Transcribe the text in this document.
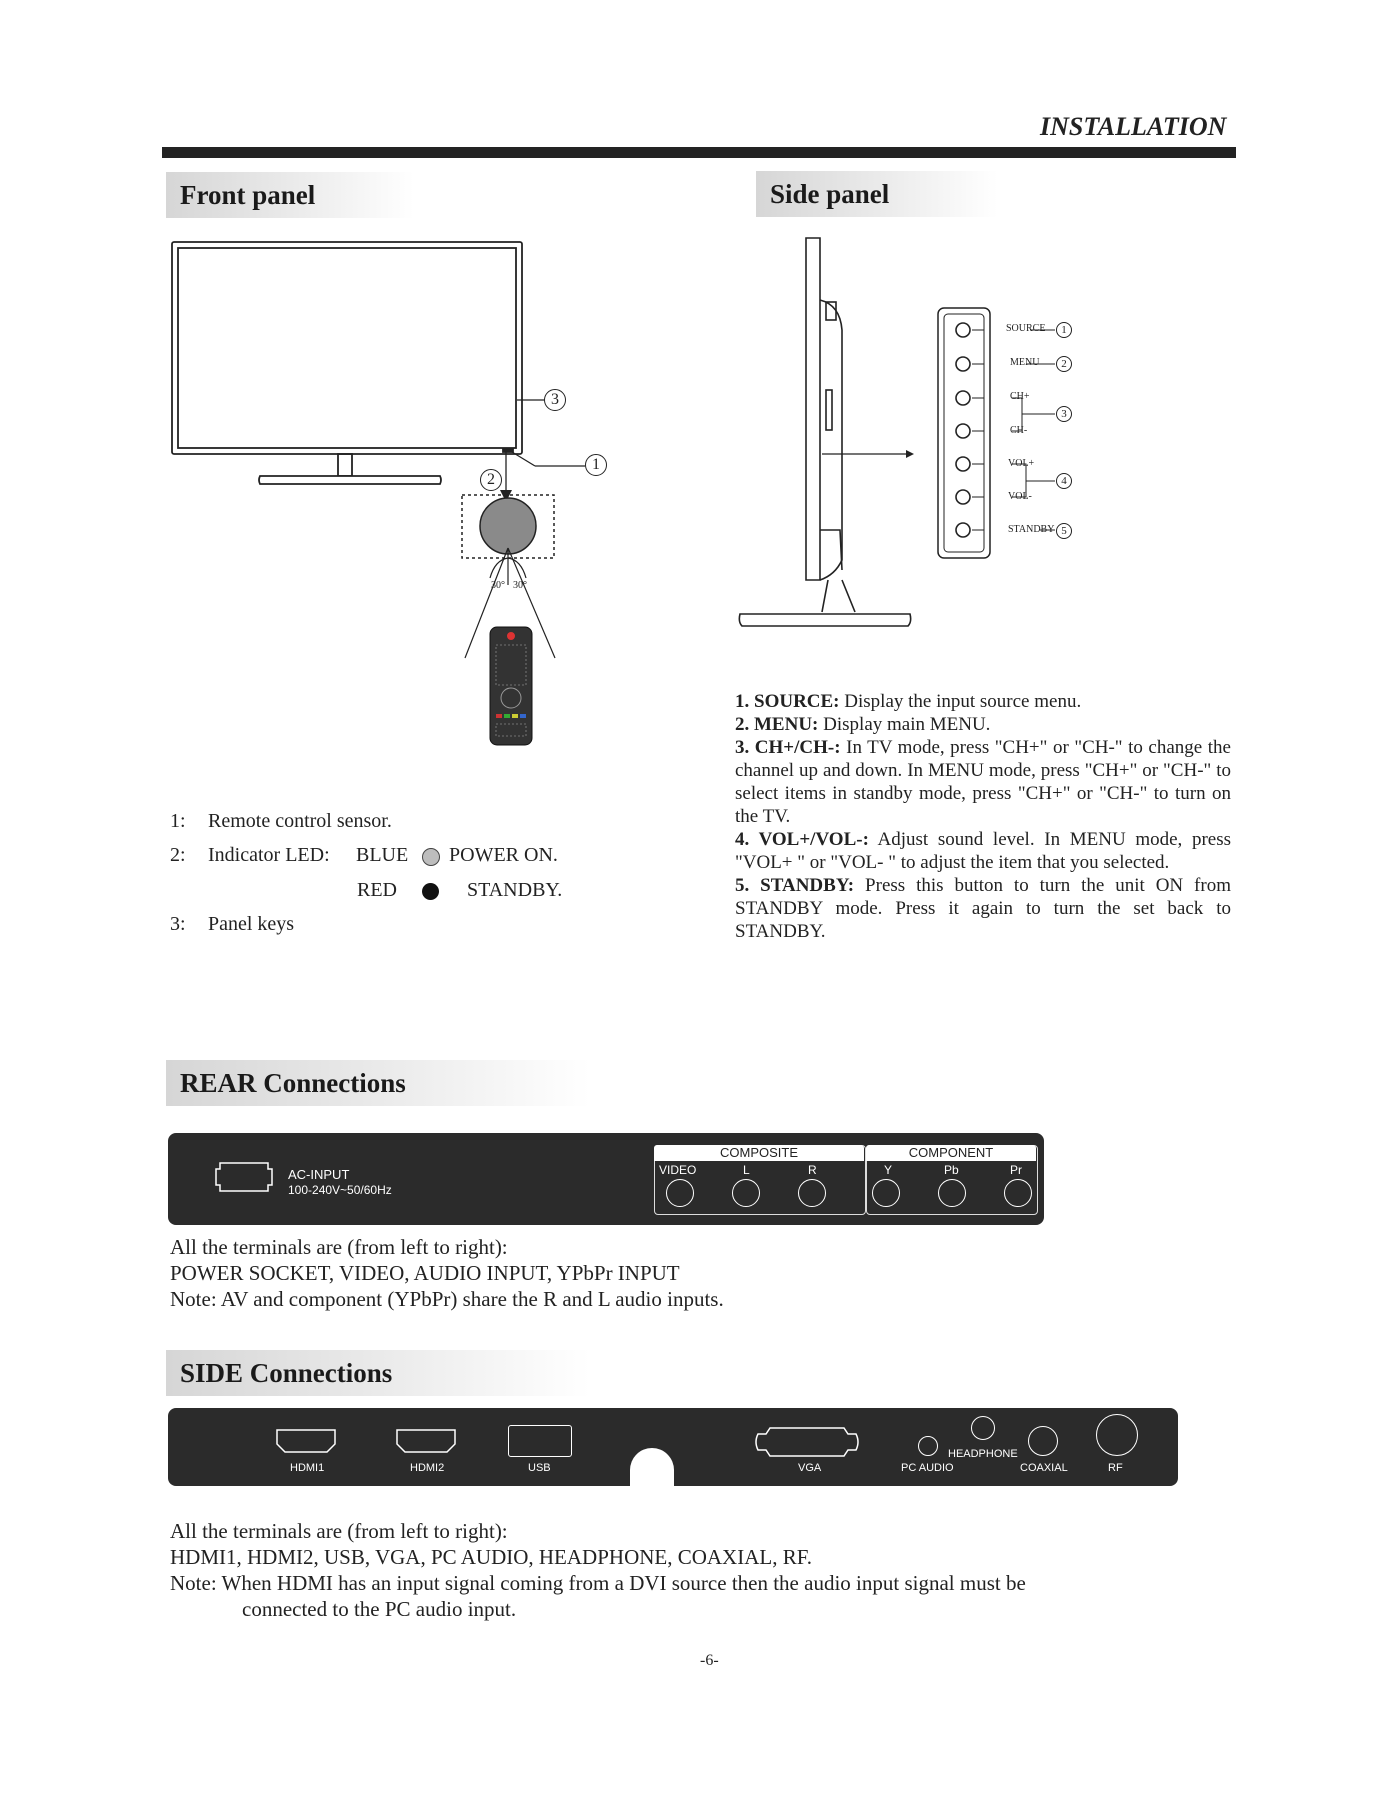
INSTALLATION
Front panel
3
1
2
30° 30°
1: Remote control sensor.
2: Indicator LED: BLUE POWER ON.
RED	STANDBY.
3: Panel keys
Side panel
SOURCE
MENU
CH+
CH-
VOL+
VOL-
STANDBY
1
2
3
4
5
1. SOURCE: Display the input source menu.
2. MENU: Display main MENU.
3. CH+/CH-: In TV mode, press "CH+" or "CH-" to change the channel up and down. In MENU mode, press "CH+" or "CH-" to select items in standby mode, press "CH+" or "CH-" to turn on the TV.
4. VOL+/VOL-: Adjust sound level. In MENU mode, press "VOL+ " or "VOL- " to adjust the item that you selected.
5. STANDBY: Press this button to turn the unit ON from STANDBY mode. Press it again to turn the set back to STANDBY.
REAR Connections
AC-INPUT
100-240V~50/60Hz
COMPOSITE
VIDEO	L	R
COMPONENT
Y	Pb	Pr
All the terminals are (from left to right):
POWER SOCKET, VIDEO, AUDIO INPUT, YPbPr INPUT
Note: AV and component (YPbPr) share the R and L audio inputs.
SIDE Connections
HDMI1	HDMI2	USB	VGA	PC AUDIO
HEADPHONE
COAXIAL	RF
All the terminals are (from left to right):
HDMI1, HDMI2, USB, VGA, PC AUDIO, HEADPHONE, COAXIAL, RF.
Note: When HDMI has an input signal coming from a DVI source then the audio input signal must be
connected to the PC audio input.
-6-
